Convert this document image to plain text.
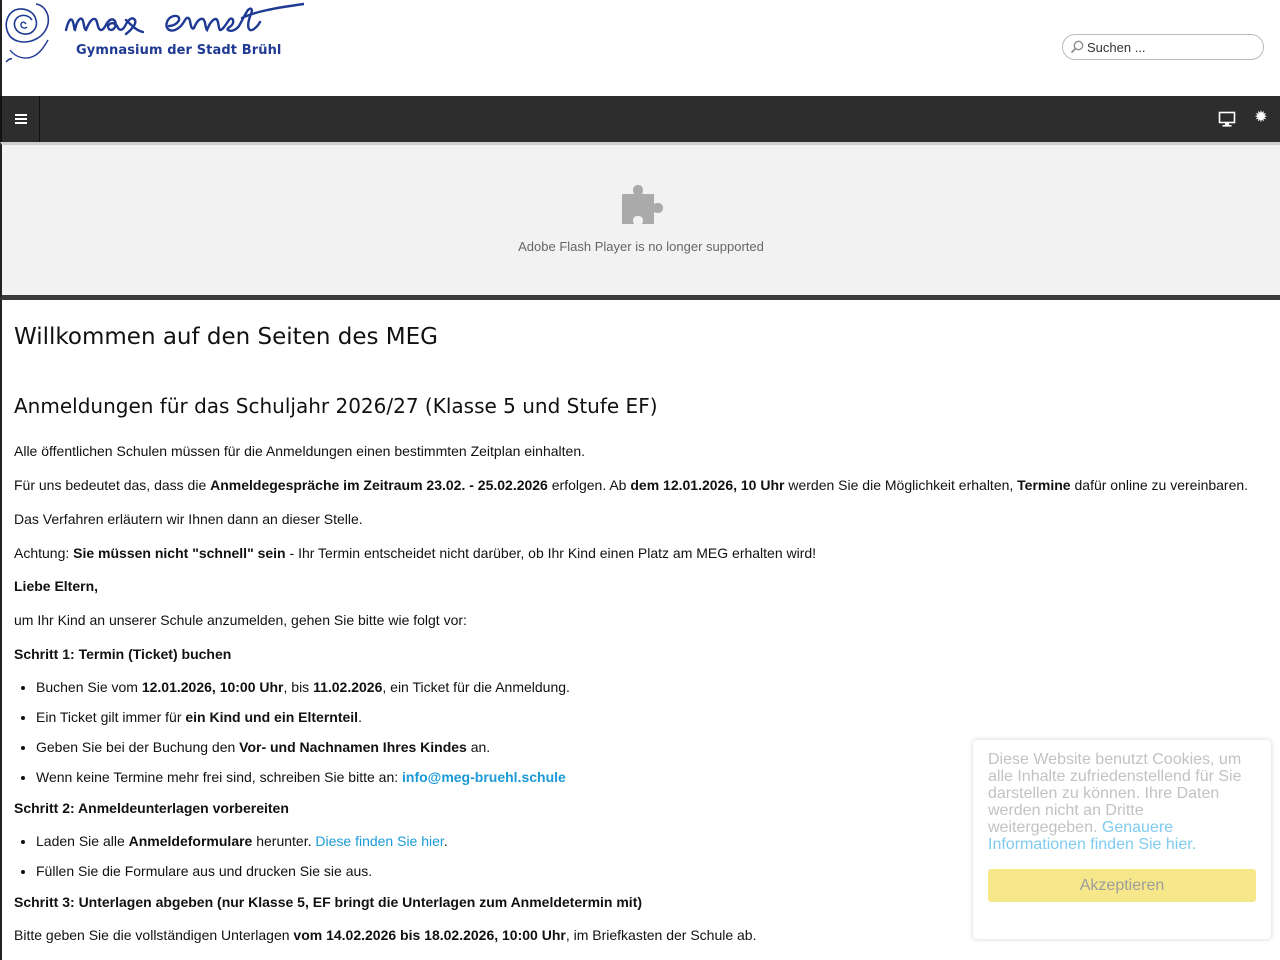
Gymnasium der Stadt Brühl
Suchen ...
✹
Adobe Flash Player is no longer supported
Willkommen auf den Seiten des MEG
Anmeldungen für das Schuljahr 2026/27 (Klasse 5 und Stufe EF)

Alle öffentlichen Schulen müssen für die Anmeldungen einen bestimmten Zeitplan einhalten.

Für uns bedeutet das, dass die Anmeldegespräche im Zeitraum 23.02. - 25.02.2026 erfolgen. Ab dem 12.01.2026, 10 Uhr werden Sie die Möglichkeit erhalten, Termine dafür online zu vereinbaren.

Das Verfahren erläutern wir Ihnen dann an dieser Stelle.

Achtung: Sie müssen nicht "schnell" sein - Ihr Termin entscheidet nicht darüber, ob Ihr Kind einen Platz am MEG erhalten wird!

Liebe Eltern,

um Ihr Kind an unserer Schule anzumelden, gehen Sie bitte wie folgt vor:

Schritt 1: Termin (Ticket) buchen

• Buchen Sie vom 12.01.2026, 10:00 Uhr, bis 11.02.2026, ein Ticket für die Anmeldung.
• Ein Ticket gilt immer für ein Kind und ein Elternteil.
• Geben Sie bei der Buchung den Vor- und Nachnamen Ihres Kindes an.
• Wenn keine Termine mehr frei sind, schreiben Sie bitte an: info@meg-bruehl.schule

Schritt 2: Anmeldeunterlagen vorbereiten

• Laden Sie alle Anmeldeformulare herunter. Diese finden Sie hier.
• Füllen Sie die Formulare aus und drucken Sie sie aus.

Schritt 3: Unterlagen abgeben (nur Klasse 5, EF bringt die Unterlagen zum Anmeldetermin mit)

Bitte geben Sie die vollständigen Unterlagen vom 14.02.2026 bis 18.02.2026, 10:00 Uhr, im Briefkasten der Schule ab.

Diese Website benutzt Cookies, um alle Inhalte zufriedenstellend für Sie darstellen zu können. Ihre Daten werden nicht an Dritte weitergegeben. Genauere Informationen finden Sie hier.
Akzeptieren
